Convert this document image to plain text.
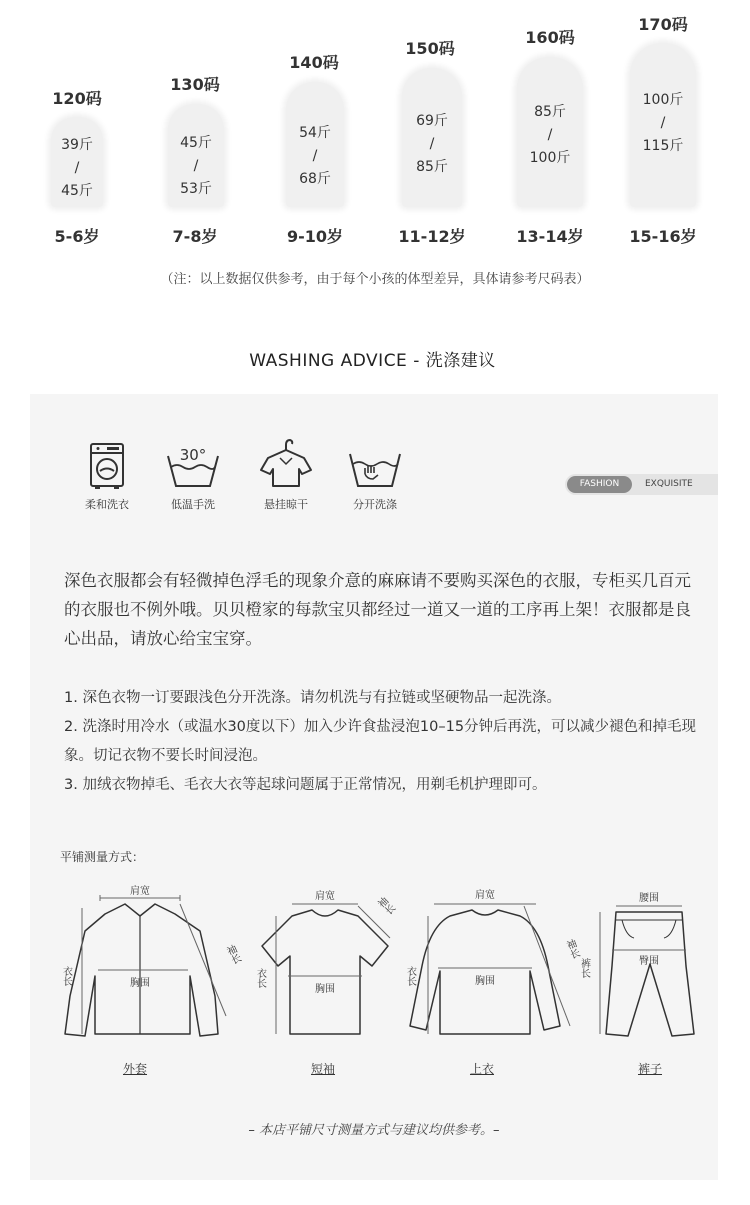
120码
39斤
/
45斤
5-6岁
130码
45斤
/
53斤
7-8岁
140码
54斤
/
68斤
9-10岁
150码
69斤
/
85斤
11-12岁
160码
85斤
/
100斤
13-14岁
170码
100斤
/
115斤
15-16岁
（注：以上数据仅供参考，由于每个小孩的体型差异，具体请参考尺码表）
WASHING ADVICE - 洗涤建议
柔和洗衣
30°
低温手洗	悬挂晾干	分开洗涤
FASHION	EXQUISITE

深色衣服都会有轻微掉色浮毛的现象介意的麻麻请不要购买深色的衣服，专柜买几百元的衣服也不例外哦。贝贝橙家的每款宝贝都经过一道又一道的工序再上架！衣服都是良心出品，请放心给宝宝穿。

1. 深色衣物一订要跟浅色分开洗涤。请勿机洗与有拉链或坚硬物品一起洗涤。
2. 洗涤时用冷水（或温水30度以下）加入少许食盐浸泡10–15分钟后再洗，可以减少褪色和掉毛现象。切记衣物不要长时间浸泡。
3. 加绒衣物掉毛、毛衣大衣等起球问题属于正常情况，用剃毛机护理即可。
平铺测量方式：
肩宽
胸围
衣长
袖长
外套
肩宽
胸围
衣长
袖长
短袖
肩宽
胸围
衣长
袖长
上衣
腰围
臀围
裤长
裤子
– 本店平铺尺寸测量方式与建议均供参考。–
